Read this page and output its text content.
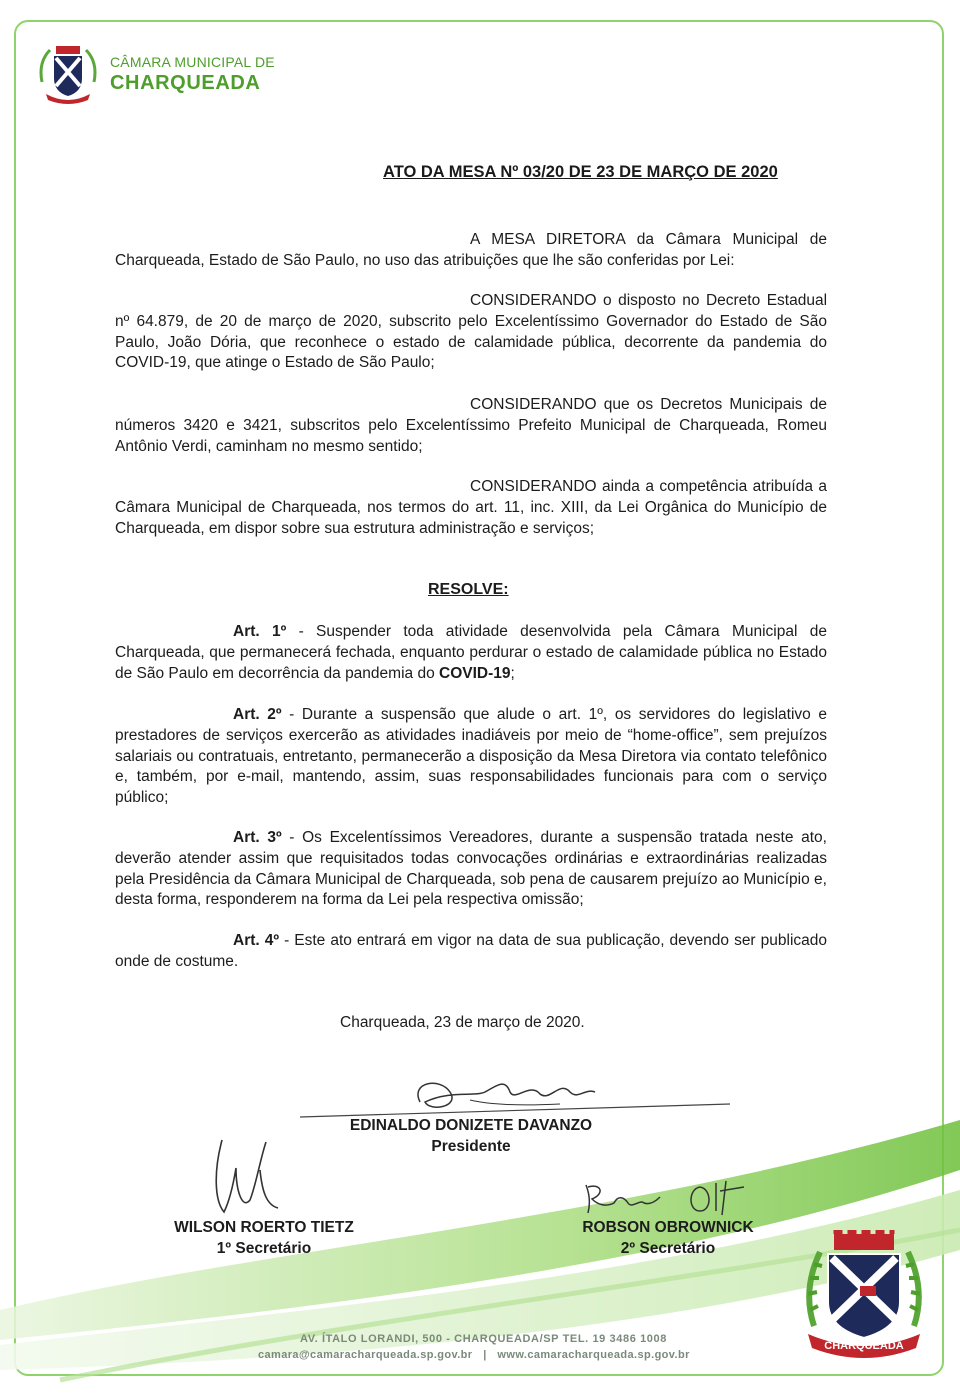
CÂMARA MUNICIPAL DE
CHARQUEADA
ATO DA MESA Nº 03/20 DE 23 DE MARÇO DE 2020

A MESA DIRETORA da Câmara Municipal de Charqueada, Estado de São Paulo, no uso das atribuições que lhe são conferidas por Lei:

CONSIDERANDO o disposto no Decreto Estadual nº 64.879, de 20 de março de 2020, subscrito pelo Excelentíssimo Governador do Estado de São Paulo, João Dória, que reconhece o estado de calamidade pública, decorrente da pandemia do COVID-19, que atinge o Estado de São Paulo;

CONSIDERANDO que os Decretos Municipais de números 3420 e 3421, subscritos pelo Excelentíssimo Prefeito Municipal de Charqueada, Romeu Antônio Verdi, caminham no mesmo sentido;

CONSIDERANDO ainda a competência atribuída a Câmara Municipal de Charqueada, nos termos do art. 11, inc. XIII, da Lei Orgânica do Município de Charqueada, em dispor sobre sua estrutura administração e serviços;

RESOLVE:

Art. 1º - Suspender toda atividade desenvolvida pela Câmara Municipal de Charqueada, que permanecerá fechada, enquanto perdurar o estado de calamidade pública no Estado de São Paulo em decorrência da pandemia do COVID-19;

Art. 2º - Durante a suspensão que alude o art. 1º, os servidores do legislativo e prestadores de serviços exercerão as atividades inadiáveis por meio de “home-office”, sem prejuízos salariais ou contratuais, entretanto, permanecerão a disposição da Mesa Diretora via contato telefônico e, também, por e-mail, mantendo, assim, suas responsabilidades funcionais para com o serviço público;

Art. 3º - Os Excelentíssimos Vereadores, durante a suspensão tratada neste ato, deverão atender assim que requisitados todas convocações ordinárias e extraordinárias realizadas pela Presidência da Câmara Municipal de Charqueada, sob pena de causarem prejuízo ao Município e, desta forma, responderem na forma da Lei pela respectiva omissão;

Art. 4º - Este ato entrará em vigor na data de sua publicação, devendo ser publicado onde de costume.

Charqueada, 23 de março de 2020.
EDINALDO DONIZETE DAVANZO
Presidente
WILSON ROERTO TIETZ
1º Secretário
ROBSON OBROWNICK
2º Secretário
CHARQUEADA
AV. ÍTALO LORANDI, 500 - CHARQUEADA/SP TEL. 19 3486 1008
camara@camaracharqueada.sp.gov.br | www.camaracharqueada.sp.gov.br
